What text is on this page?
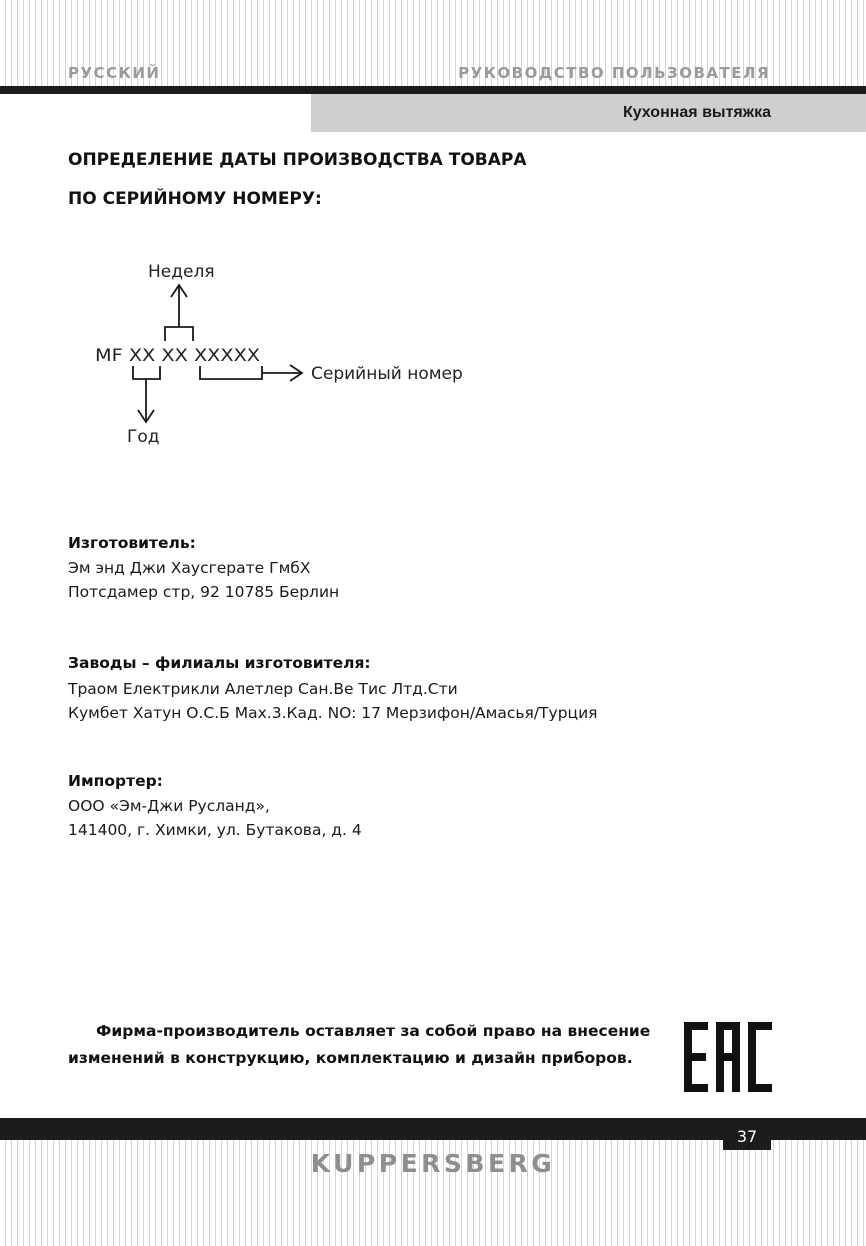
РУССКИЙ	РУКОВОДСТВО ПОЛЬЗОВАТЕЛЯ
Кухонная вытяжка
ОПРЕДЕЛЕНИЕ ДАТЫ ПРОИЗВОДСТВА ТОВАРА
ПО СЕРИЙНОМУ НОМЕРУ:
Неделя
MF XX XX XXXXX
Серийный номер
Год
Изготовитель:
Эм энд Джи Хаусгерате ГмбХ
Потсдамер стр, 92 10785 Берлин
Заводы – филиалы изготовителя:
Траом Електрикли Алетлер Сан.Ве Тис Лтд.Сти
Кумбет Хатун О.С.Б Мах.3.Кад. NO: 17 Мерзифон/Амасья/Турция
Импортер:
ООО «Эм-Джи Русланд»,
141400, г. Химки, ул. Бутакова, д. 4
Фирма-производитель оставляет за собой право на внесение
изменений в конструкцию, комплектацию и дизайн приборов.
37
KUPPERSBERG
